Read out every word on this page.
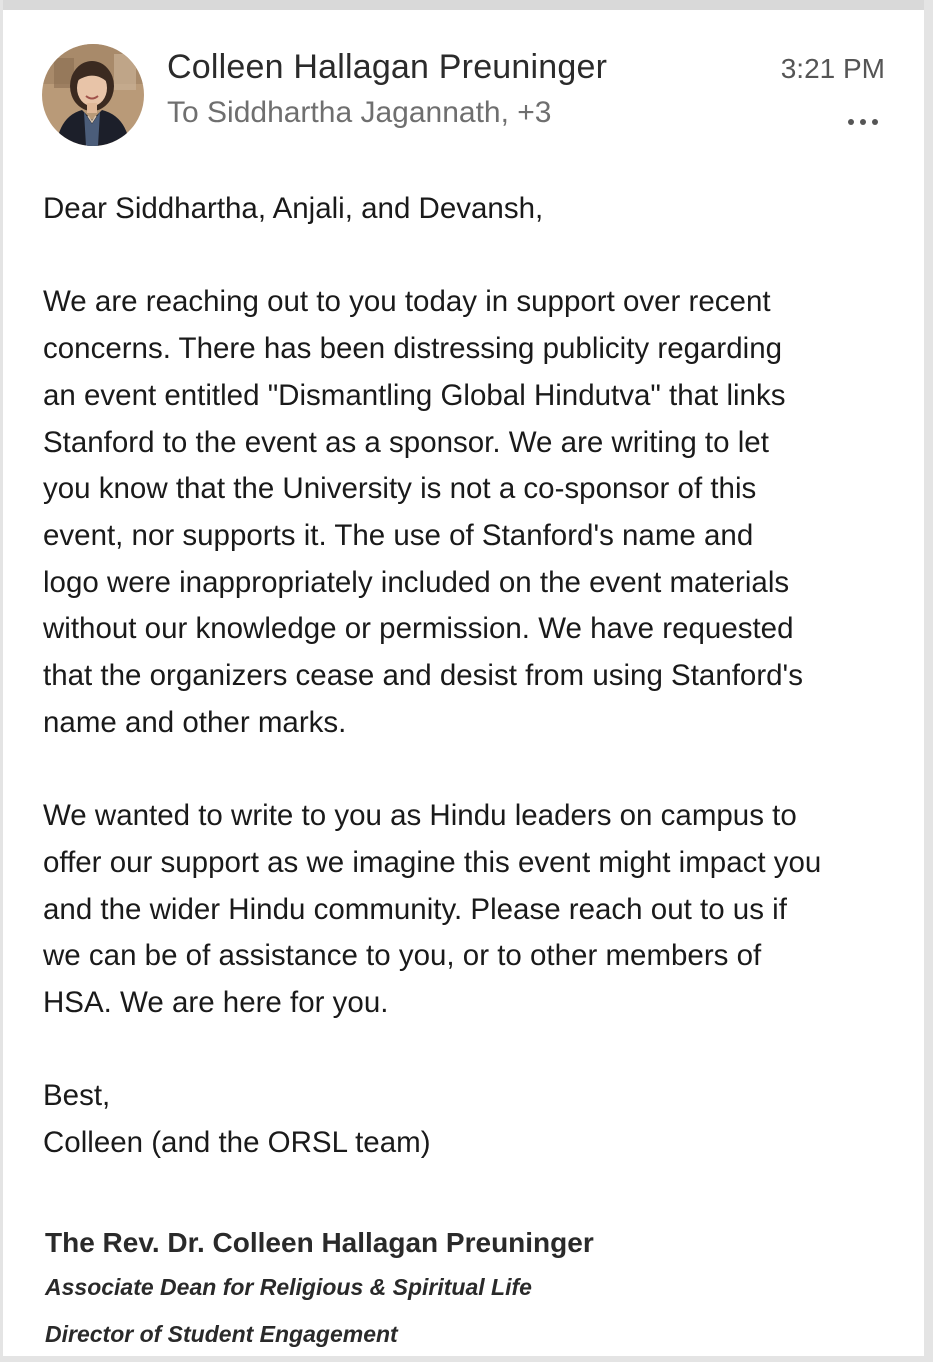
Colleen Hallagan Preuninger
To Siddhartha Jagannath, +3
3:21 PM

Dear Siddhartha, Anjali, and Devansh,

We are reaching out to you today in support over recent
concerns. There has been distressing publicity regarding
an event entitled "Dismantling Global Hindutva" that links
Stanford to the event as a sponsor. We are writing to let
you know that the University is not a co-sponsor of this
event, nor supports it. The use of Stanford's name and
logo were inappropriately included on the event materials
without our knowledge or permission. We have requested
that the organizers cease and desist from using Stanford's
name and other marks.

We wanted to write to you as Hindu leaders on campus to
offer our support as we imagine this event might impact you
and the wider Hindu community. Please reach out to us if
we can be of assistance to you, or to other members of
HSA. We are here for you.

Best,

Colleen (and the ORSL team)

The Rev. Dr. Colleen Hallagan Preuninger
Associate Dean for Religious & Spiritual Life
Director of Student Engagement
